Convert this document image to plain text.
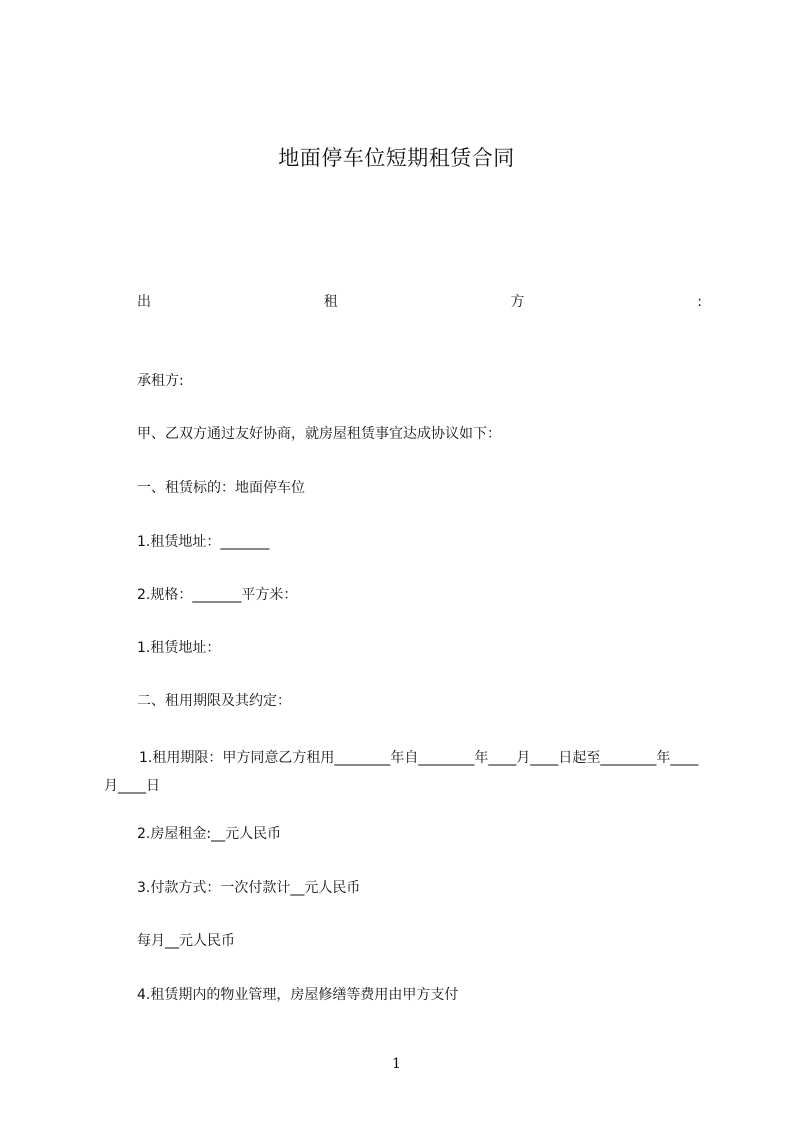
地面停车位短期租赁合同
出	租	方	:
承租方:
甲、乙双方通过友好协商，就房屋租赁事宜达成协议如下：
一、租赁标的：地面停车位
1.租赁地址：_______
2.规格：_______平方米：
1.租赁地址：
二、租用期限及其约定：
1.租用期限：甲方同意乙方租用________年自________年____月____日起至________年____月____日
2.房屋租金:__元人民币
3.付款方式：一次付款计__元人民币
每月__元人民币
4.租赁期内的物业管理，房屋修缮等费用由甲方支付
1
